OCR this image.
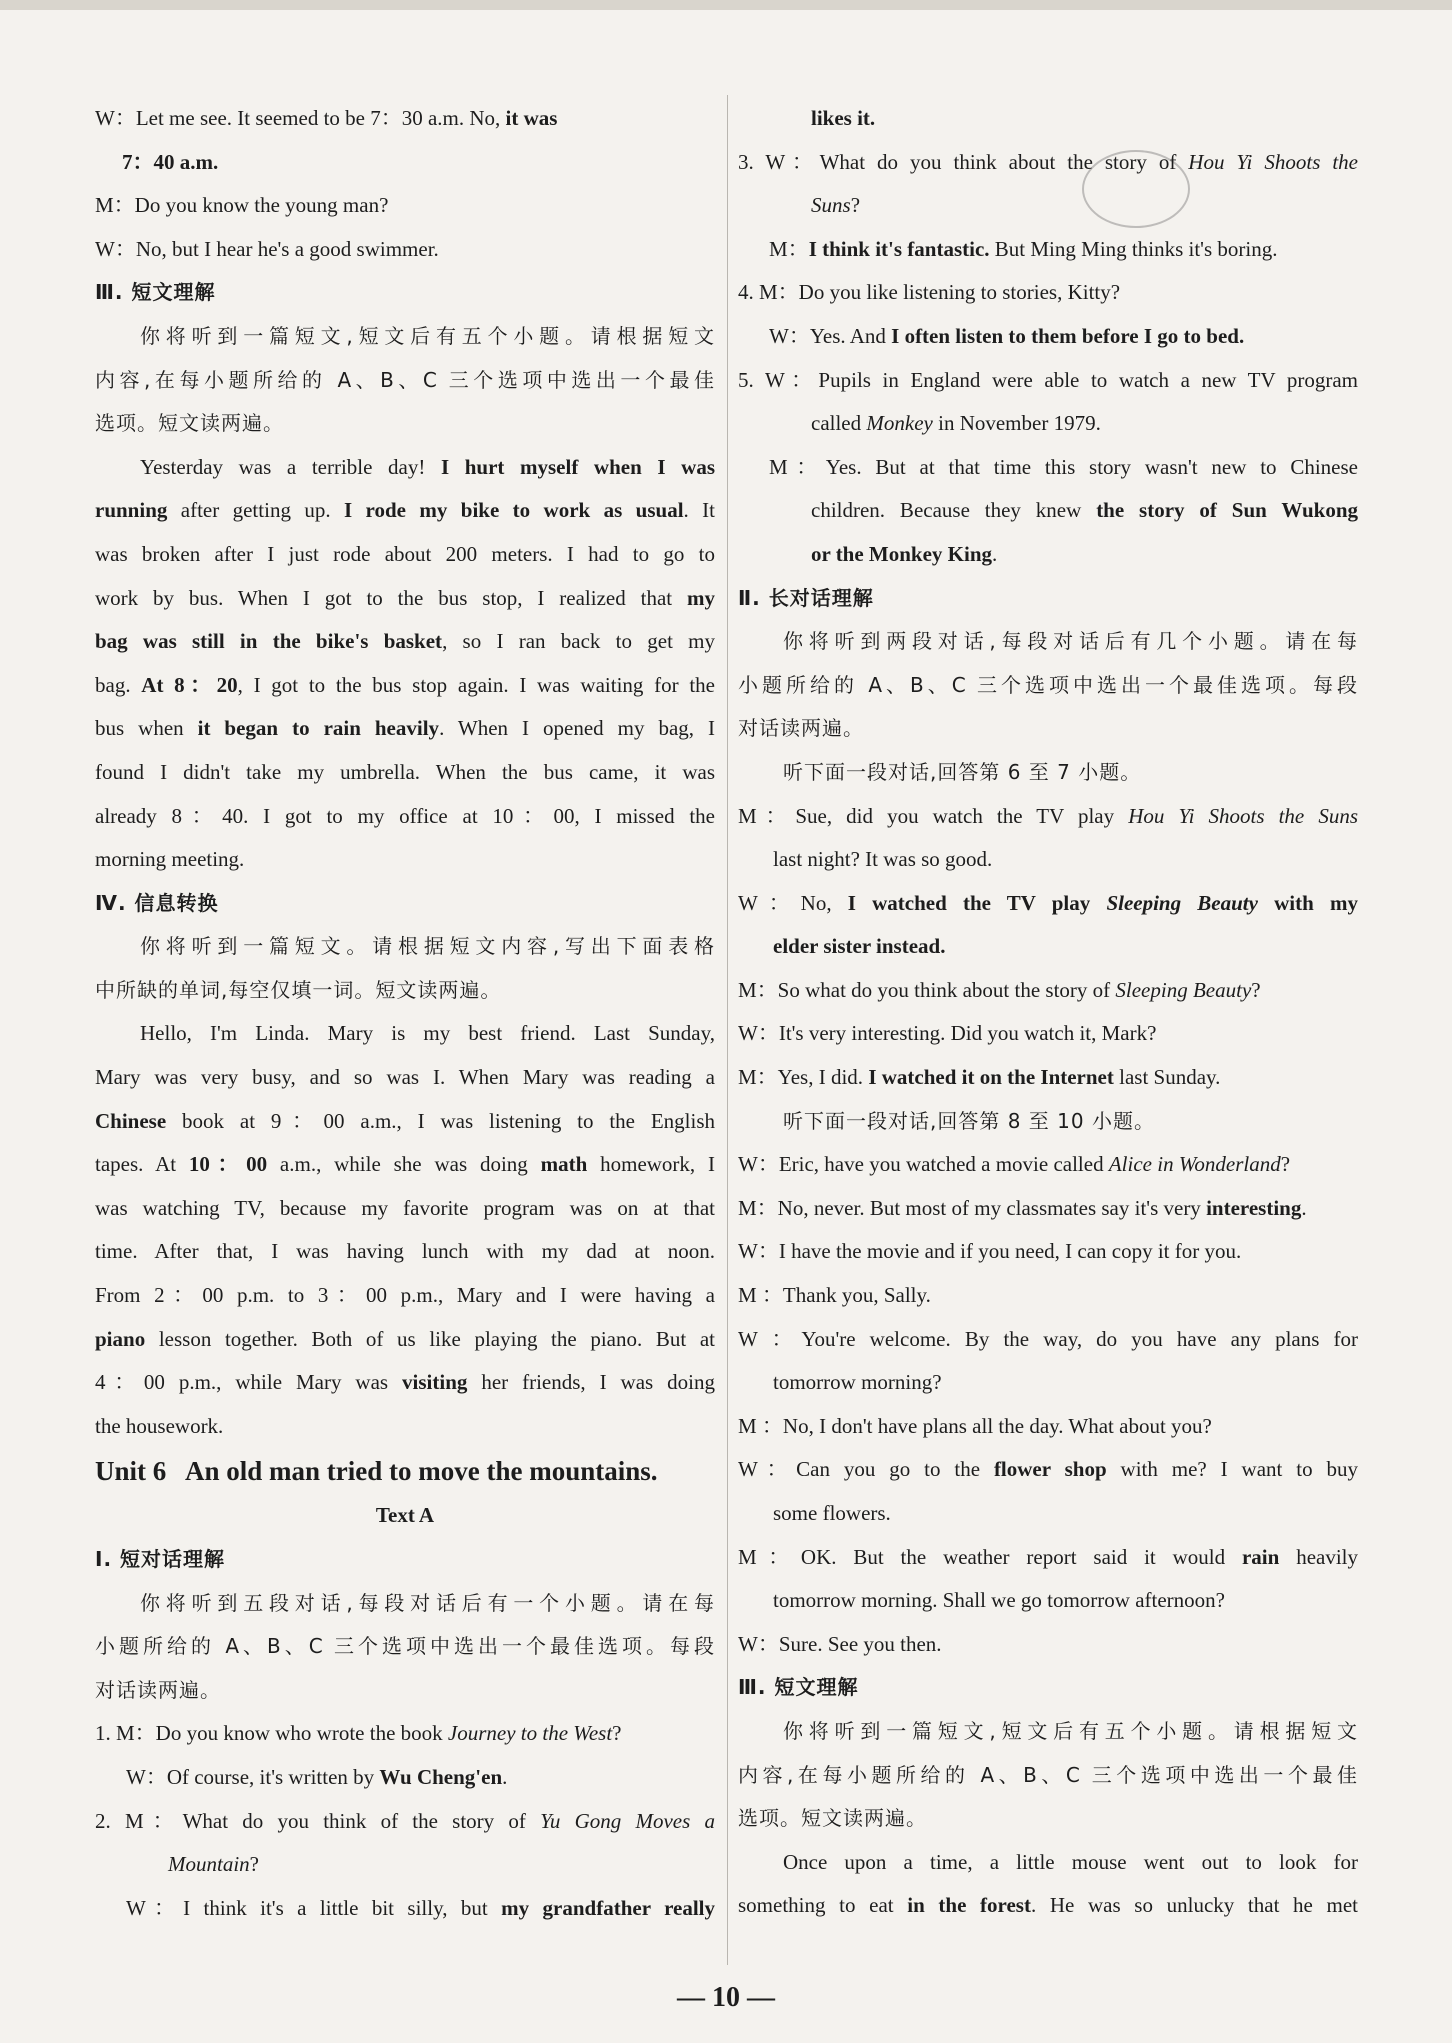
W：Let me see. It seemed to be 7：30 a.m. No, it was
7：40 a.m.
M：Do you know the young man?
W：No, but I hear he's a good swimmer.
Ⅲ. 短文理解
你将听到一篇短文,短文后有五个小题。请根据短文
内容,在每小题所给的 A、B、C 三个选项中选出一个最佳
选项。短文读两遍。
Yesterday was a terrible day! I hurt myself when I was
running after getting up. I rode my bike to work as usual. It
was broken after I just rode about 200 meters. I had to go to
work by bus. When I got to the bus stop, I realized that my
bag was still in the bike's basket, so I ran back to get my
bag. At 8：20, I got to the bus stop again. I was waiting for the
bus when it began to rain heavily. When I opened my bag, I
found I didn't take my umbrella. When the bus came, it was
already 8：40. I got to my office at 10：00, I missed the
morning meeting.
Ⅳ. 信息转换
你将听到一篇短文。请根据短文内容,写出下面表格
中所缺的单词,每空仅填一词。短文读两遍。
Hello, I'm Linda. Mary is my best friend. Last Sunday,
Mary was very busy, and so was I. When Mary was reading a
Chinese book at 9：00 a.m., I was listening to the English
tapes. At 10：00 a.m., while she was doing math homework, I
was watching TV, because my favorite program was on at that
time. After that, I was having lunch with my dad at noon.
From 2：00 p.m. to 3：00 p.m., Mary and I were having a
piano lesson together. Both of us like playing the piano. But at
4：00 p.m., while Mary was visiting her friends, I was doing
the housework.
Unit 6   An old man tried to move the mountains.
Text A
Ⅰ. 短对话理解
你将听到五段对话,每段对话后有一个小题。请在每
小题所给的 A、B、C 三个选项中选出一个最佳选项。每段
对话读两遍。
1. M：Do you know who wrote the book Journey to the West?
W：Of course, it's written by Wu Cheng'en.
2. M：What do you think of the story of Yu Gong Moves a
Mountain?
W：I think it's a little bit silly, but my grandfather really
likes it.
3. W：What do you think about the story of Hou Yi Shoots the
Suns?
M：I think it's fantastic. But Ming Ming thinks it's boring.
4. M：Do you like listening to stories, Kitty?
W：Yes. And I often listen to them before I go to bed.
5. W：Pupils in England were able to watch a new TV program
called Monkey in November 1979.
M：Yes. But at that time this story wasn't new to Chinese
children. Because they knew the story of Sun Wukong
or the Monkey King.
Ⅱ. 长对话理解
你将听到两段对话,每段对话后有几个小题。请在每
小题所给的 A、B、C 三个选项中选出一个最佳选项。每段
对话读两遍。
听下面一段对话,回答第 6 至 7 小题。
M：Sue, did you watch the TV play Hou Yi Shoots the Suns
last night? It was so good.
W：No, I watched the TV play Sleeping Beauty with my
elder sister instead.
M：So what do you think about the story of Sleeping Beauty?
W：It's very interesting. Did you watch it, Mark?
M：Yes, I did. I watched it on the Internet last Sunday.
听下面一段对话,回答第 8 至 10 小题。
W：Eric, have you watched a movie called Alice in Wonderland?
M：No, never. But most of my classmates say it's very interesting.
W：I have the movie and if you need, I can copy it for you.
M ：Thank you, Sally.
W ：You're welcome. By the way, do you have any plans for
tomorrow morning?
M ：No, I don't have plans all the day. What about you?
W：Can you go to the flower shop with me? I want to buy
some flowers.
M：OK. But the weather report said it would rain heavily
tomorrow morning. Shall we go tomorrow afternoon?
W：Sure. See you then.
Ⅲ. 短文理解
你将听到一篇短文,短文后有五个小题。请根据短文
内容,在每小题所给的 A、B、C 三个选项中选出一个最佳
选项。短文读两遍。
Once upon a time, a little mouse went out to look for
something to eat in the forest. He was so unlucky that he met
— 10 —
